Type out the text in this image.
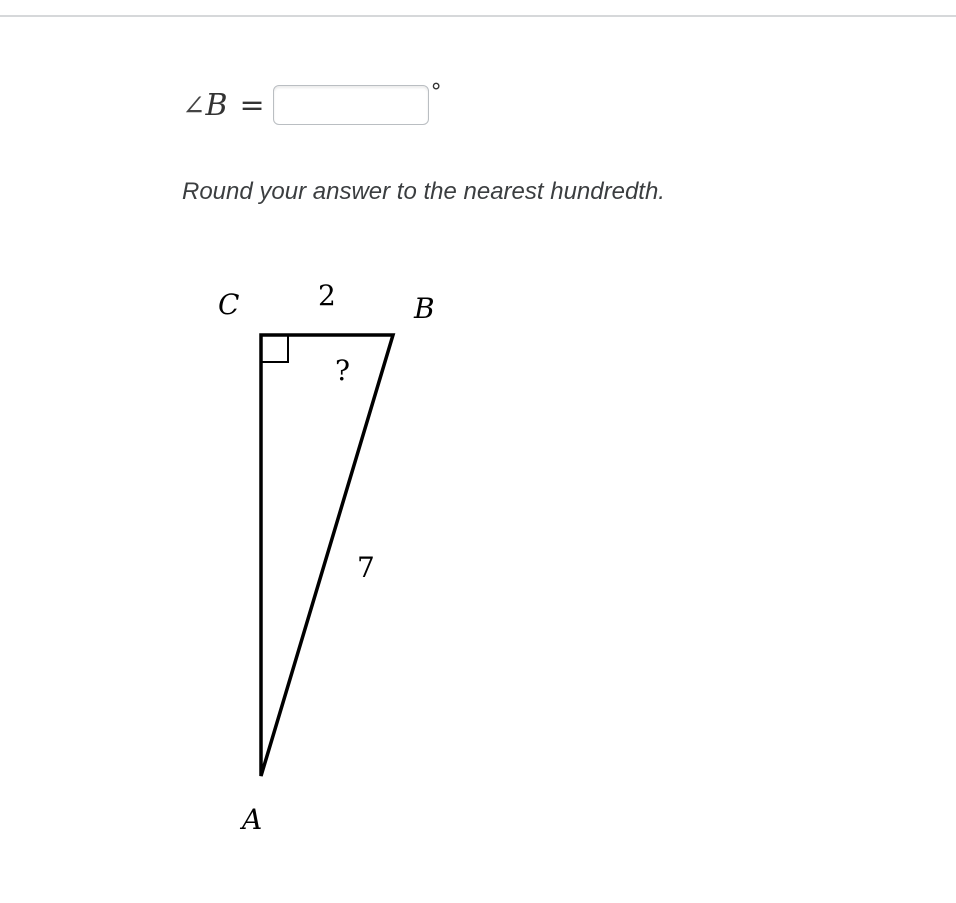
∠ B =	°
Round your answer to the nearest hundredth.
C	B
A
2
7
?
